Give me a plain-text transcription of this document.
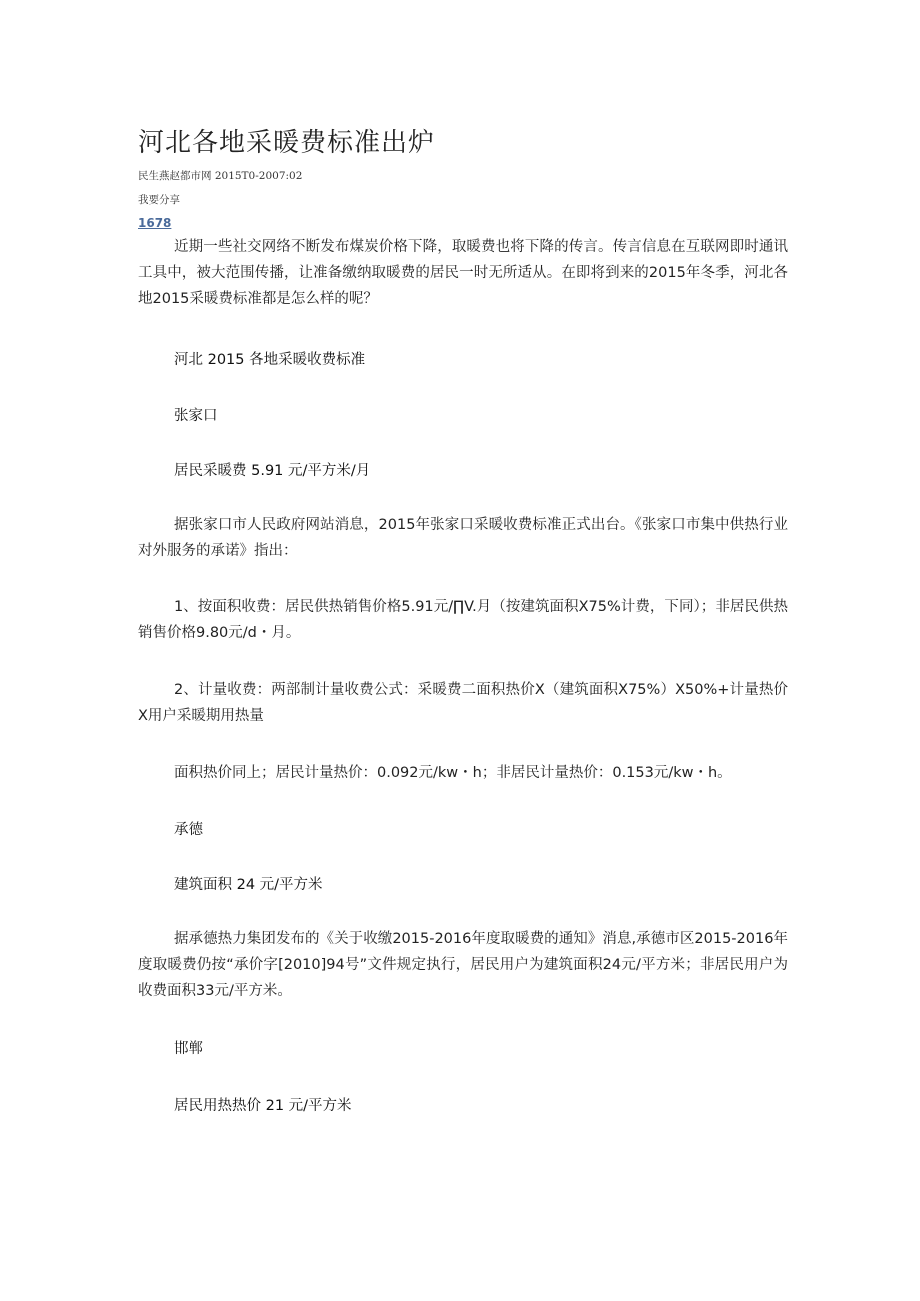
河北各地采暖费标准出炉
民生燕赵都市网 2015T0-2007:02
我要分享
1678

近期一些社交网络不断发布煤炭价格下降，取暖费也将下降的传言。传言信息在互联网即时通讯工具中，被大范围传播，让准备缴纳取暖费的居民一时无所适从。在即将到来的2015年冬季，河北各地2015采暖费标准都是怎么样的呢？

河北 2015 各地采暖收费标准

张家口

居民采暖费 5.91 元/平方米/月

据张家口市人民政府网站消息，2015年张家口采暖收费标准正式出台。《张家口市集中供热行业对外服务的承诺》指出：

1、按面积收费：居民供热销售价格5.91元∕∏V.月（按建筑面积X75%计费，下同）；非居民供热销售价格9.80元/d・月。

2、计量收费：两部制计量收费公式：采暖费二面积热价X（建筑面积X75%）X50%+计量热价X用户采暖期用热量

面积热价同上；居民计量热价：0.092元/kw・h；非居民计量热价：0.153元/kw・h。

承德

建筑面积 24 元/平方米

据承德热力集团发布的《关于收缴2015-2016年度取暖费的通知》消息,承德市区2015-2016年度取暖费仍按“承价字[2010]94号”文件规定执行，居民用户为建筑面积24元/平方米；非居民用户为收费面积33元/平方米。

邯郸

居民用热热价 21 元/平方米
